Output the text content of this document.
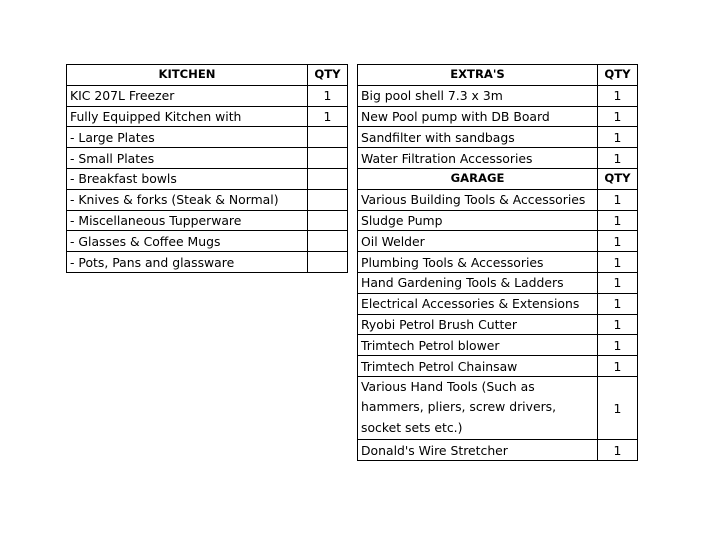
KITCHEN	QTY
KIC 207L Freezer	1
Fully Equipped Kitchen with	1
- Large Plates	
- Small Plates	
- Breakfast bowls	
- Knives & forks (Steak & Normal)	
- Miscellaneous Tupperware	
- Glasses & Coffee Mugs	
- Pots, Pans and glassware	
EXTRA'S	QTY
Big pool shell 7.3 x 3m	1
New Pool pump with DB Board	1
Sandfilter with sandbags	1
Water Filtration Accessories	1
GARAGE	QTY
Various Building Tools & Accessories	1
Sludge Pump	1
Oil Welder	1
Plumbing Tools & Accessories	1
Hand Gardening Tools & Ladders	1
Electrical Accessories & Extensions	1
Ryobi Petrol Brush Cutter	1
Trimtech Petrol blower	1
Trimtech Petrol Chainsaw	1
Various Hand Tools (Such as hammers, pliers, screw drivers, socket sets etc.)	1
Donald's Wire Stretcher	1
